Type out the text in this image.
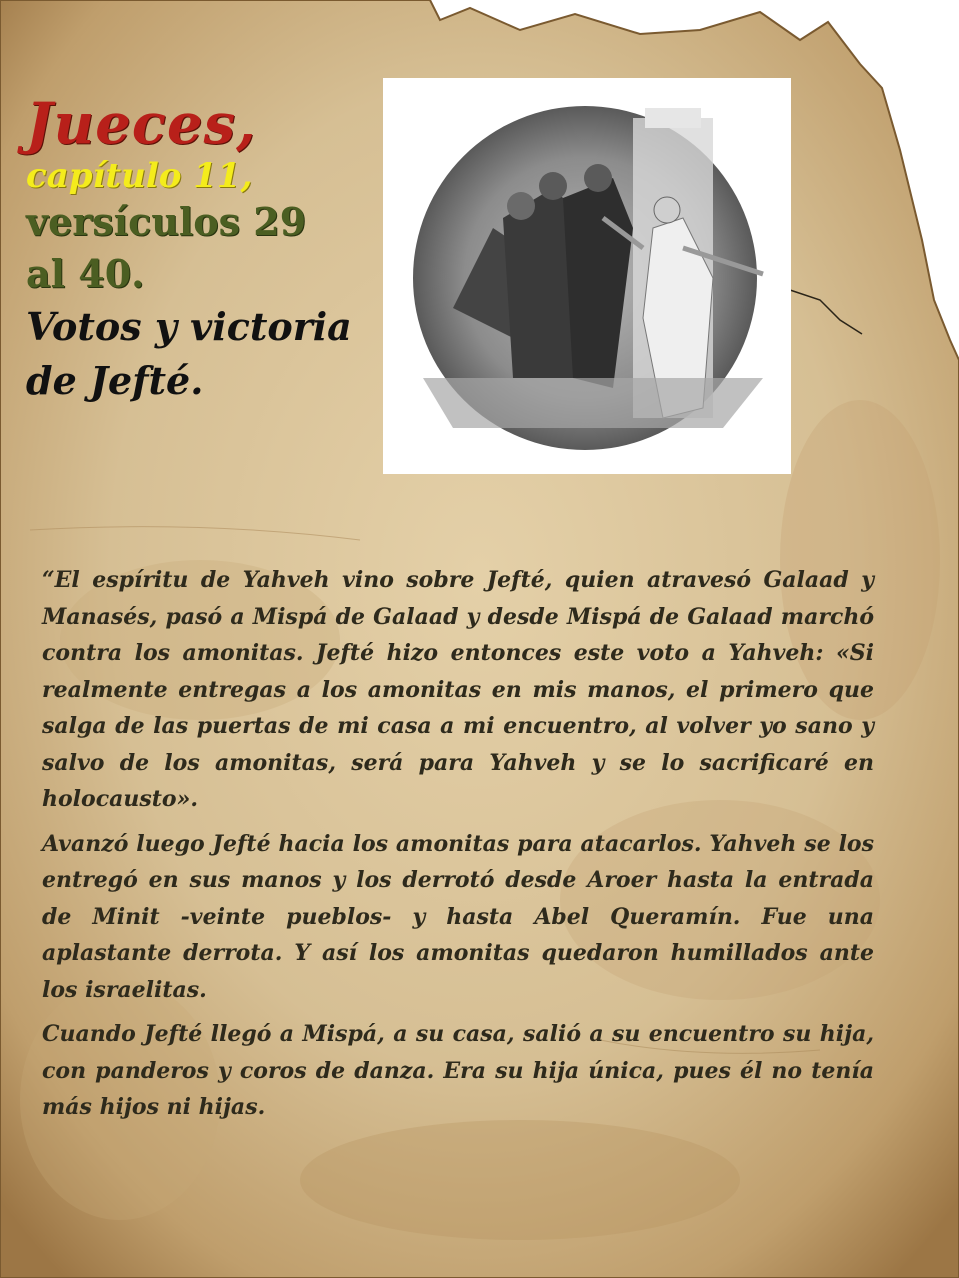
Jueces,
capítulo 11,
versículos 29
al 40.
Votos y victoria
de Jefté.

“El espíritu de Yahveh vino sobre Jefté, quien atravesó Galaad y Manasés, pasó a Mispá de Galaad y desde Mispá de Galaad marchó contra los amonitas. Jefté hizo entonces este voto a Yahveh: «Si realmente entregas a los amonitas en mis manos, el primero que salga de las puertas de mi casa a mi encuentro, al volver yo sano y salvo de los amonitas, será para Yahveh y se lo sacrificaré en holocausto».

Avanzó luego Jefté hacia los amonitas para atacarlos. Yahveh se los entregó en sus manos y los derrotó desde Aroer hasta la entrada de Minit -veinte pueblos- y hasta Abel Queramín. Fue una aplastante derrota. Y así los amonitas quedaron humillados ante los israelitas.

Cuando Jefté llegó a Mispá, a su casa, salió a su encuentro su hija, con panderos y coros de danza. Era su hija única, pues él no tenía más hijos ni hijas.
